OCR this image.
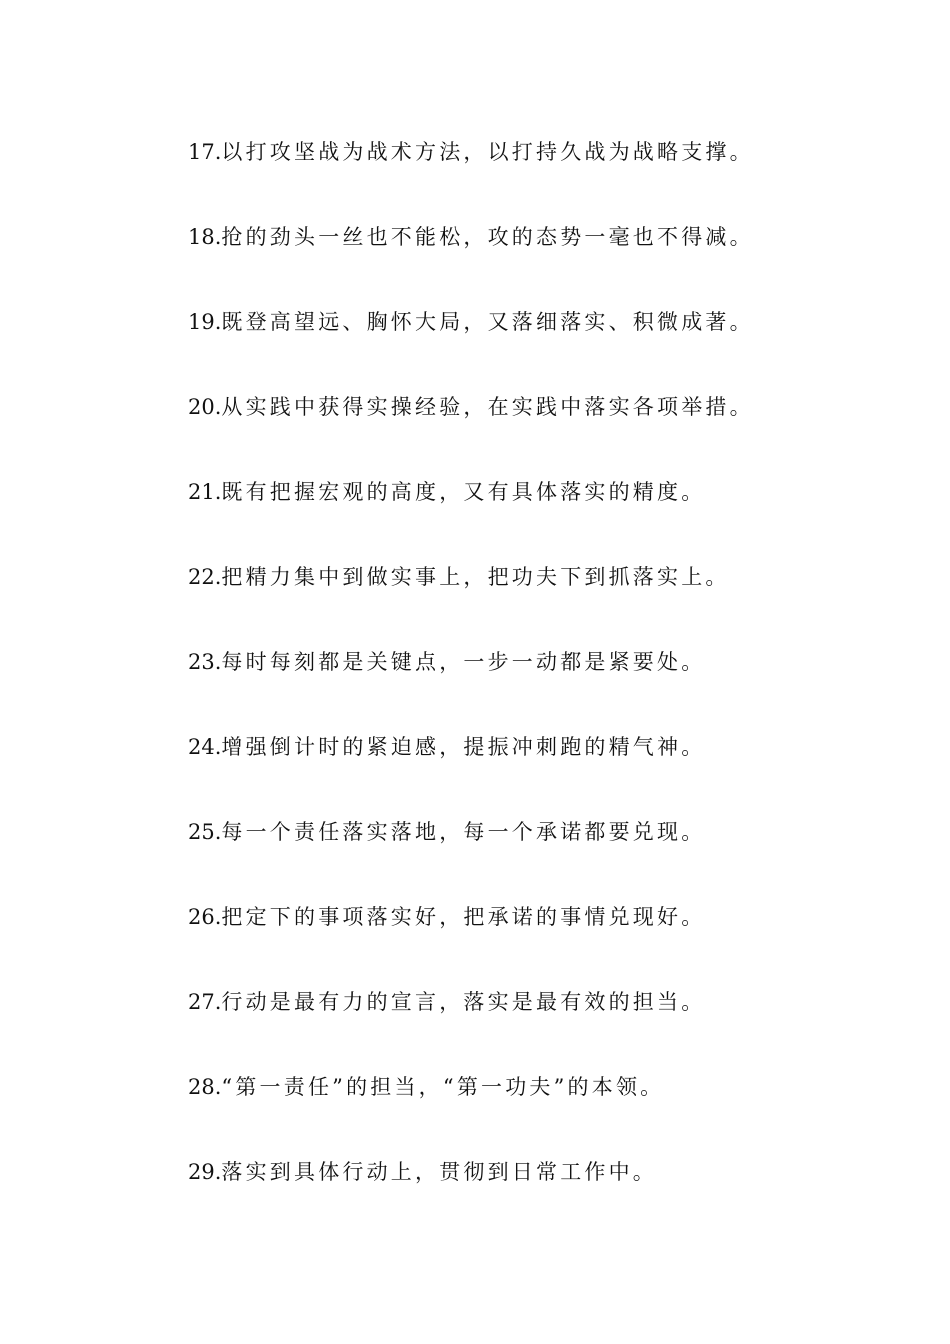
17.以打攻坚战为战术方法，以打持久战为战略支撑。
18.抢的劲头一丝也不能松，攻的态势一毫也不得减。
19.既登高望远、胸怀大局，又落细落实、积微成著。
20.从实践中获得实操经验，在实践中落实各项举措。
21.既有把握宏观的高度，又有具体落实的精度。
22.把精力集中到做实事上，把功夫下到抓落实上。
23.每时每刻都是关键点，一步一动都是紧要处。
24.增强倒计时的紧迫感，提振冲刺跑的精气神。
25.每一个责任落实落地，每一个承诺都要兑现。
26.把定下的事项落实好，把承诺的事情兑现好。
27.行动是最有力的宣言，落实是最有效的担当。
28.“第一责任”的担当，“第一功夫”的本领。
29.落实到具体行动上，贯彻到日常工作中。
